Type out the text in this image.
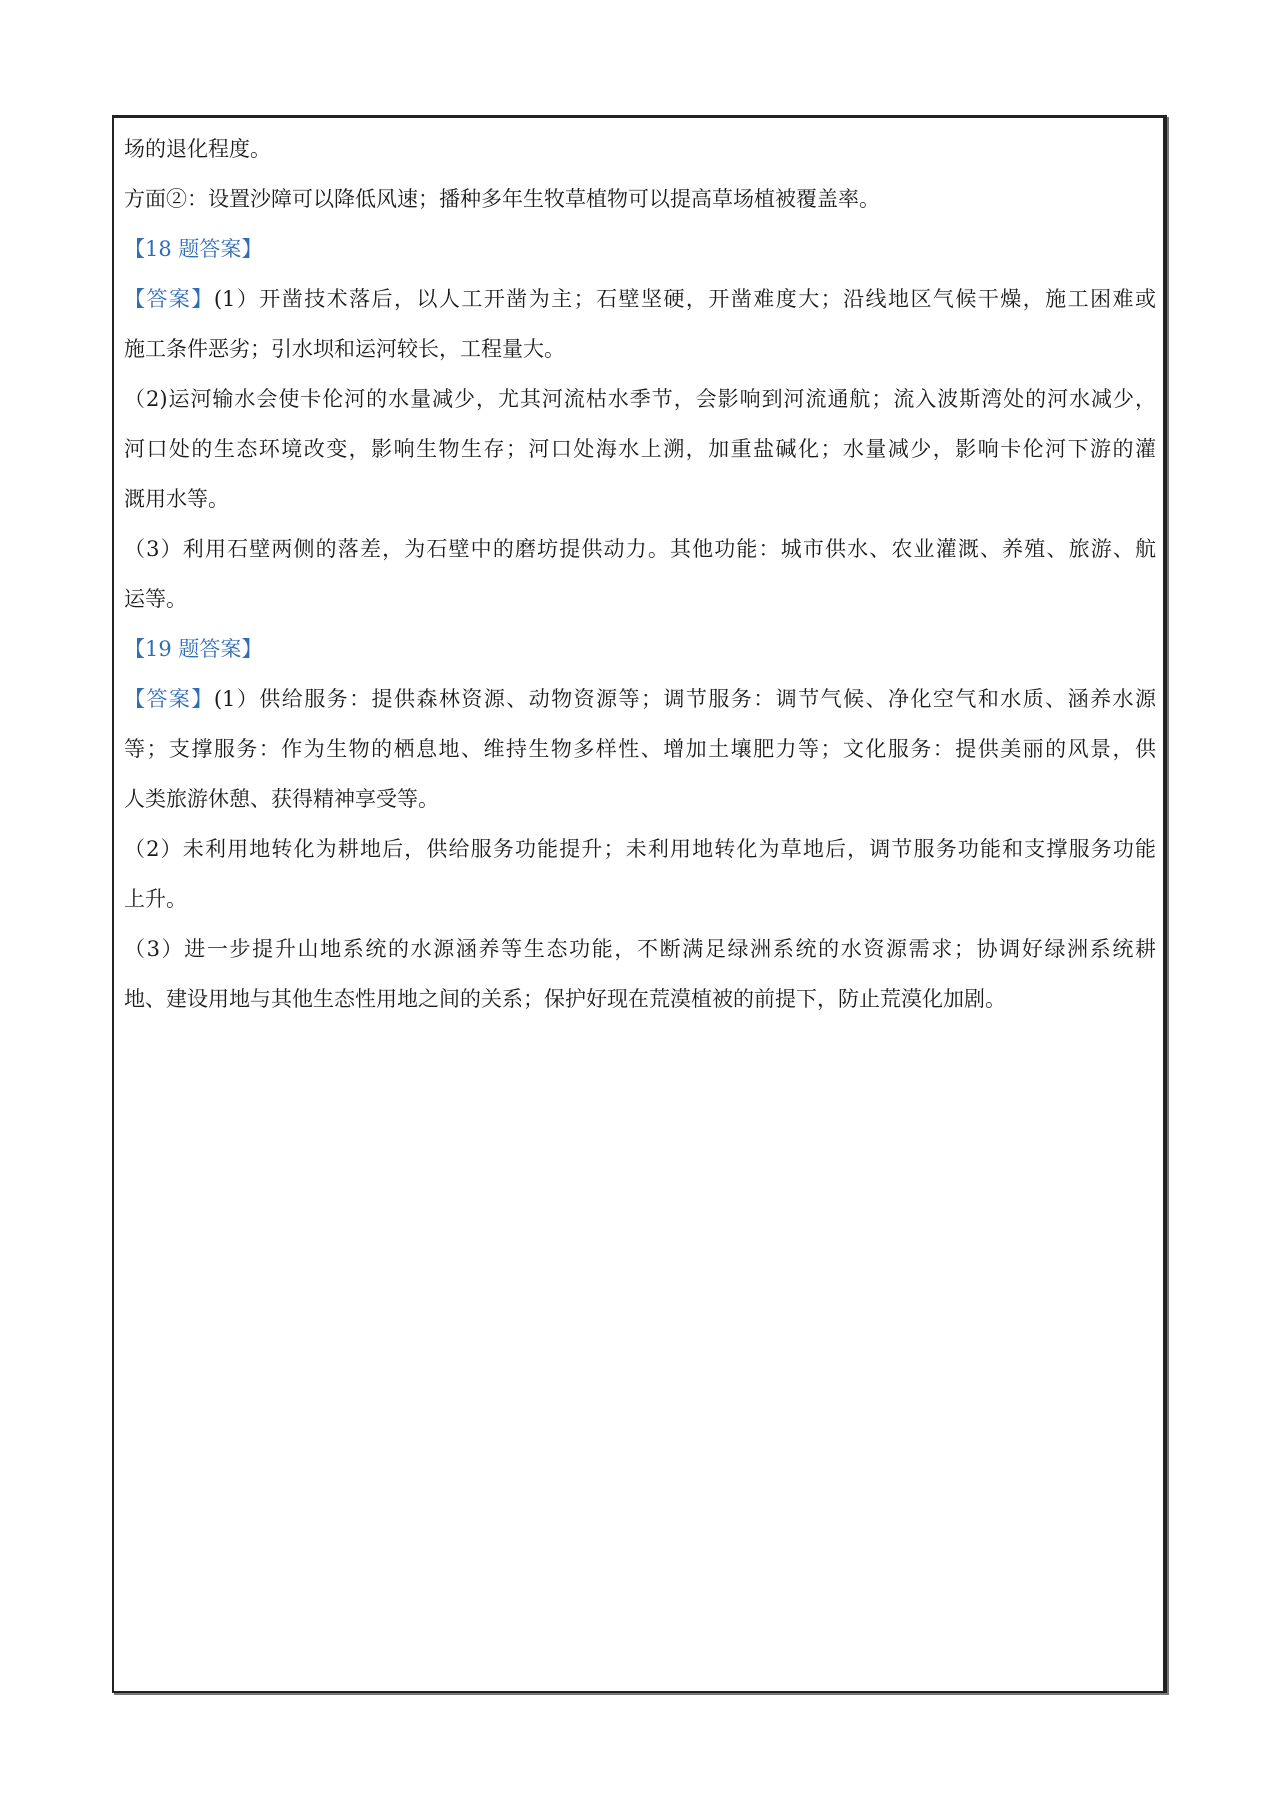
场的退化程度。
方面②：设置沙障可以降低风速；播种多年生牧草植物可以提高草场植被覆盖率。
【18 题答案】
【答案】(1）开凿技术落后，以人工开凿为主；石壁坚硬，开凿难度大；沿线地区气候干燥，施工困难或
施工条件恶劣；引水坝和运河较长，工程量大。
（2)运河输水会使卡伦河的水量减少，尤其河流枯水季节，会影响到河流通航；流入波斯湾处的河水减少，
河口处的生态环境改变，影响生物生存；河口处海水上溯，加重盐碱化；水量减少，影响卡伦河下游的灌
溉用水等。
（3）利用石壁两侧的落差，为石壁中的磨坊提供动力。其他功能：城市供水、农业灌溉、养殖、旅游、航
运等。
【19 题答案】
【答案】(1）供给服务：提供森林资源、动物资源等；调节服务：调节气候、净化空气和水质、涵养水源
等；支撑服务：作为生物的栖息地、维持生物多样性、增加土壤肥力等；文化服务：提供美丽的风景，供
人类旅游休憩、获得精神享受等。
（2）未利用地转化为耕地后，供给服务功能提升；未利用地转化为草地后，调节服务功能和支撑服务功能
上升。
（3）进一步提升山地系统的水源涵养等生态功能，不断满足绿洲系统的水资源需求；协调好绿洲系统耕
地、建设用地与其他生态性用地之间的关系；保护好现在荒漠植被的前提下，防止荒漠化加剧。
